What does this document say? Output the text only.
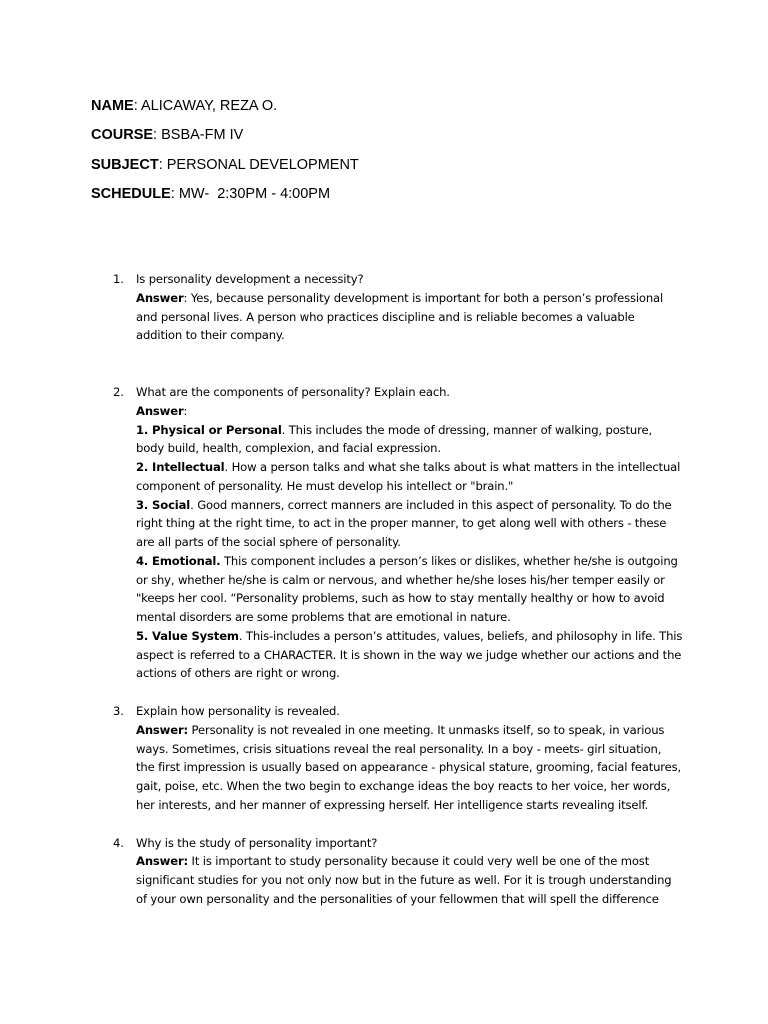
NAME: ALICAWAY, REZA O.
COURSE: BSBA-FM IV
SUBJECT: PERSONAL DEVELOPMENT
SCHEDULE: MW-  2:30PM - 4:00PM
1. Is personality development a necessity?
Answer: Yes, because personality development is important for both a person’s professional and personal lives. A person who practices discipline and is reliable becomes a valuable addition to their company.
2. What are the components of personality? Explain each.
Answer:
1. Physical or Personal. This includes the mode of dressing, manner of walking, posture, body build, health, complexion, and facial expression.
2. Intellectual. How a person talks and what she talks about is what matters in the intellectual component of personality. He must develop his intellect or "brain."
3. Social. Good manners, correct manners are included in this aspect of personality. To do the right thing at the right time, to act in the proper manner, to get along well with others - these are all parts of the social sphere of personality.
4. Emotional. This component includes a person’s likes or dislikes, whether he/she is outgoing or shy, whether he/she is calm or nervous, and whether he/she loses his/her temper easily or "keeps her cool. “Personality problems, such as how to stay mentally healthy or how to avoid mental disorders are some problems that are emotional in nature.
5. Value System. This-includes a person’s attitudes, values, beliefs, and philosophy in life. This aspect is referred to a CHARACTER. It is shown in the way we judge whether our actions and the actions of others are right or wrong.
3. Explain how personality is revealed.
Answer: Personality is not revealed in one meeting. It unmasks itself, so to speak, in various ways. Sometimes, crisis situations reveal the real personality. In a boy - meets- girl situation, the first impression is usually based on appearance - physical stature, grooming, facial features, gait, poise, etc. When the two begin to exchange ideas the boy reacts to her voice, her words, her interests, and her manner of expressing herself. Her intelligence starts revealing itself.
4. Why is the study of personality important?
Answer: It is important to study personality because it could very well be one of the most significant studies for you not only now but in the future as well. For it is trough understanding of your own personality and the personalities of your fellowmen that will spell the difference
